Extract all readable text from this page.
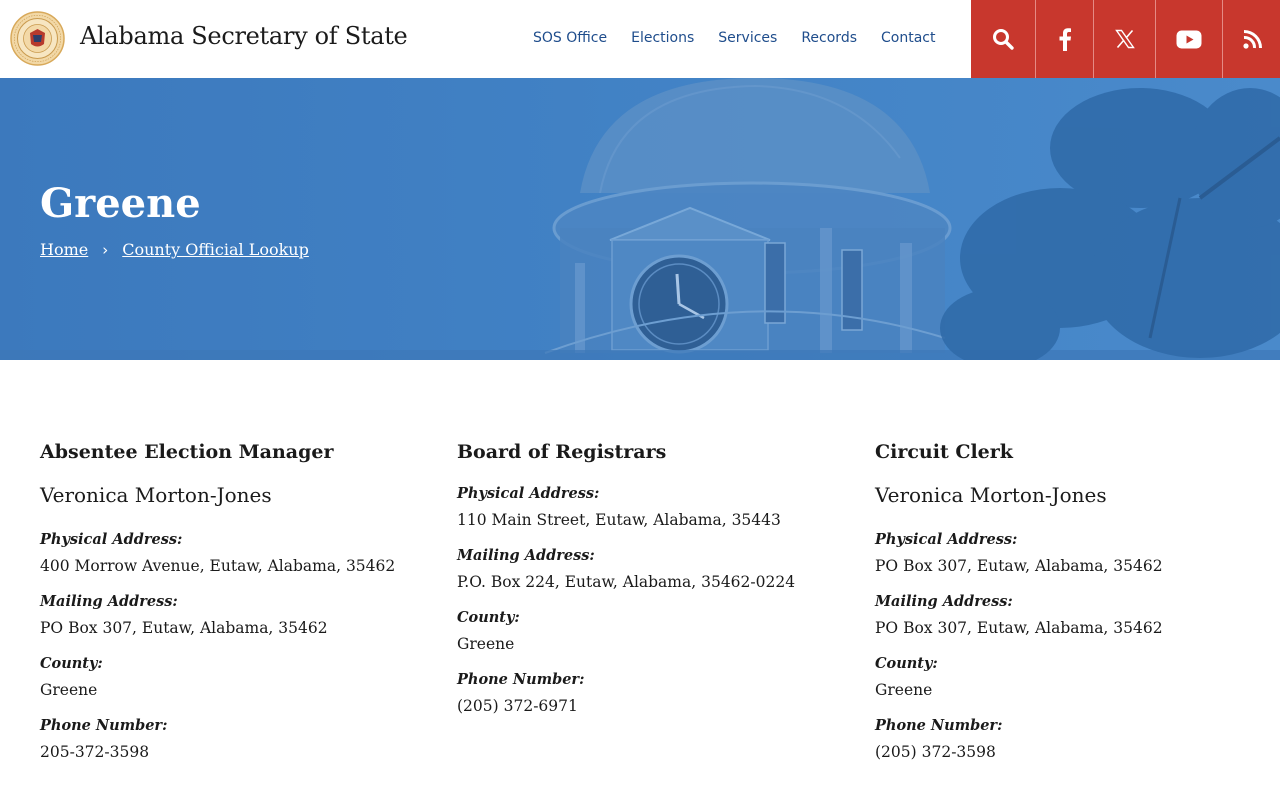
Alabama Secretary of State	SOS Office Elections Services Records Contact
Greene
Home › County Official Lookup
Absentee Election Manager
Veronica Morton-Jones
Physical Address:
400 Morrow Avenue, Eutaw, Alabama, 35462
Mailing Address:
PO Box 307, Eutaw, Alabama, 35462
County:
Greene
Phone Number:
205-372-3598
Board of Registrars
Physical Address:
110 Main Street, Eutaw, Alabama, 35443
Mailing Address:
P.O. Box 224, Eutaw, Alabama, 35462-0224
County:
Greene
Phone Number:
(205) 372-6971
Circuit Clerk
Veronica Morton-Jones
Physical Address:
PO Box 307, Eutaw, Alabama, 35462
Mailing Address:
PO Box 307, Eutaw, Alabama, 35462
County:
Greene
Phone Number:
(205) 372-3598
